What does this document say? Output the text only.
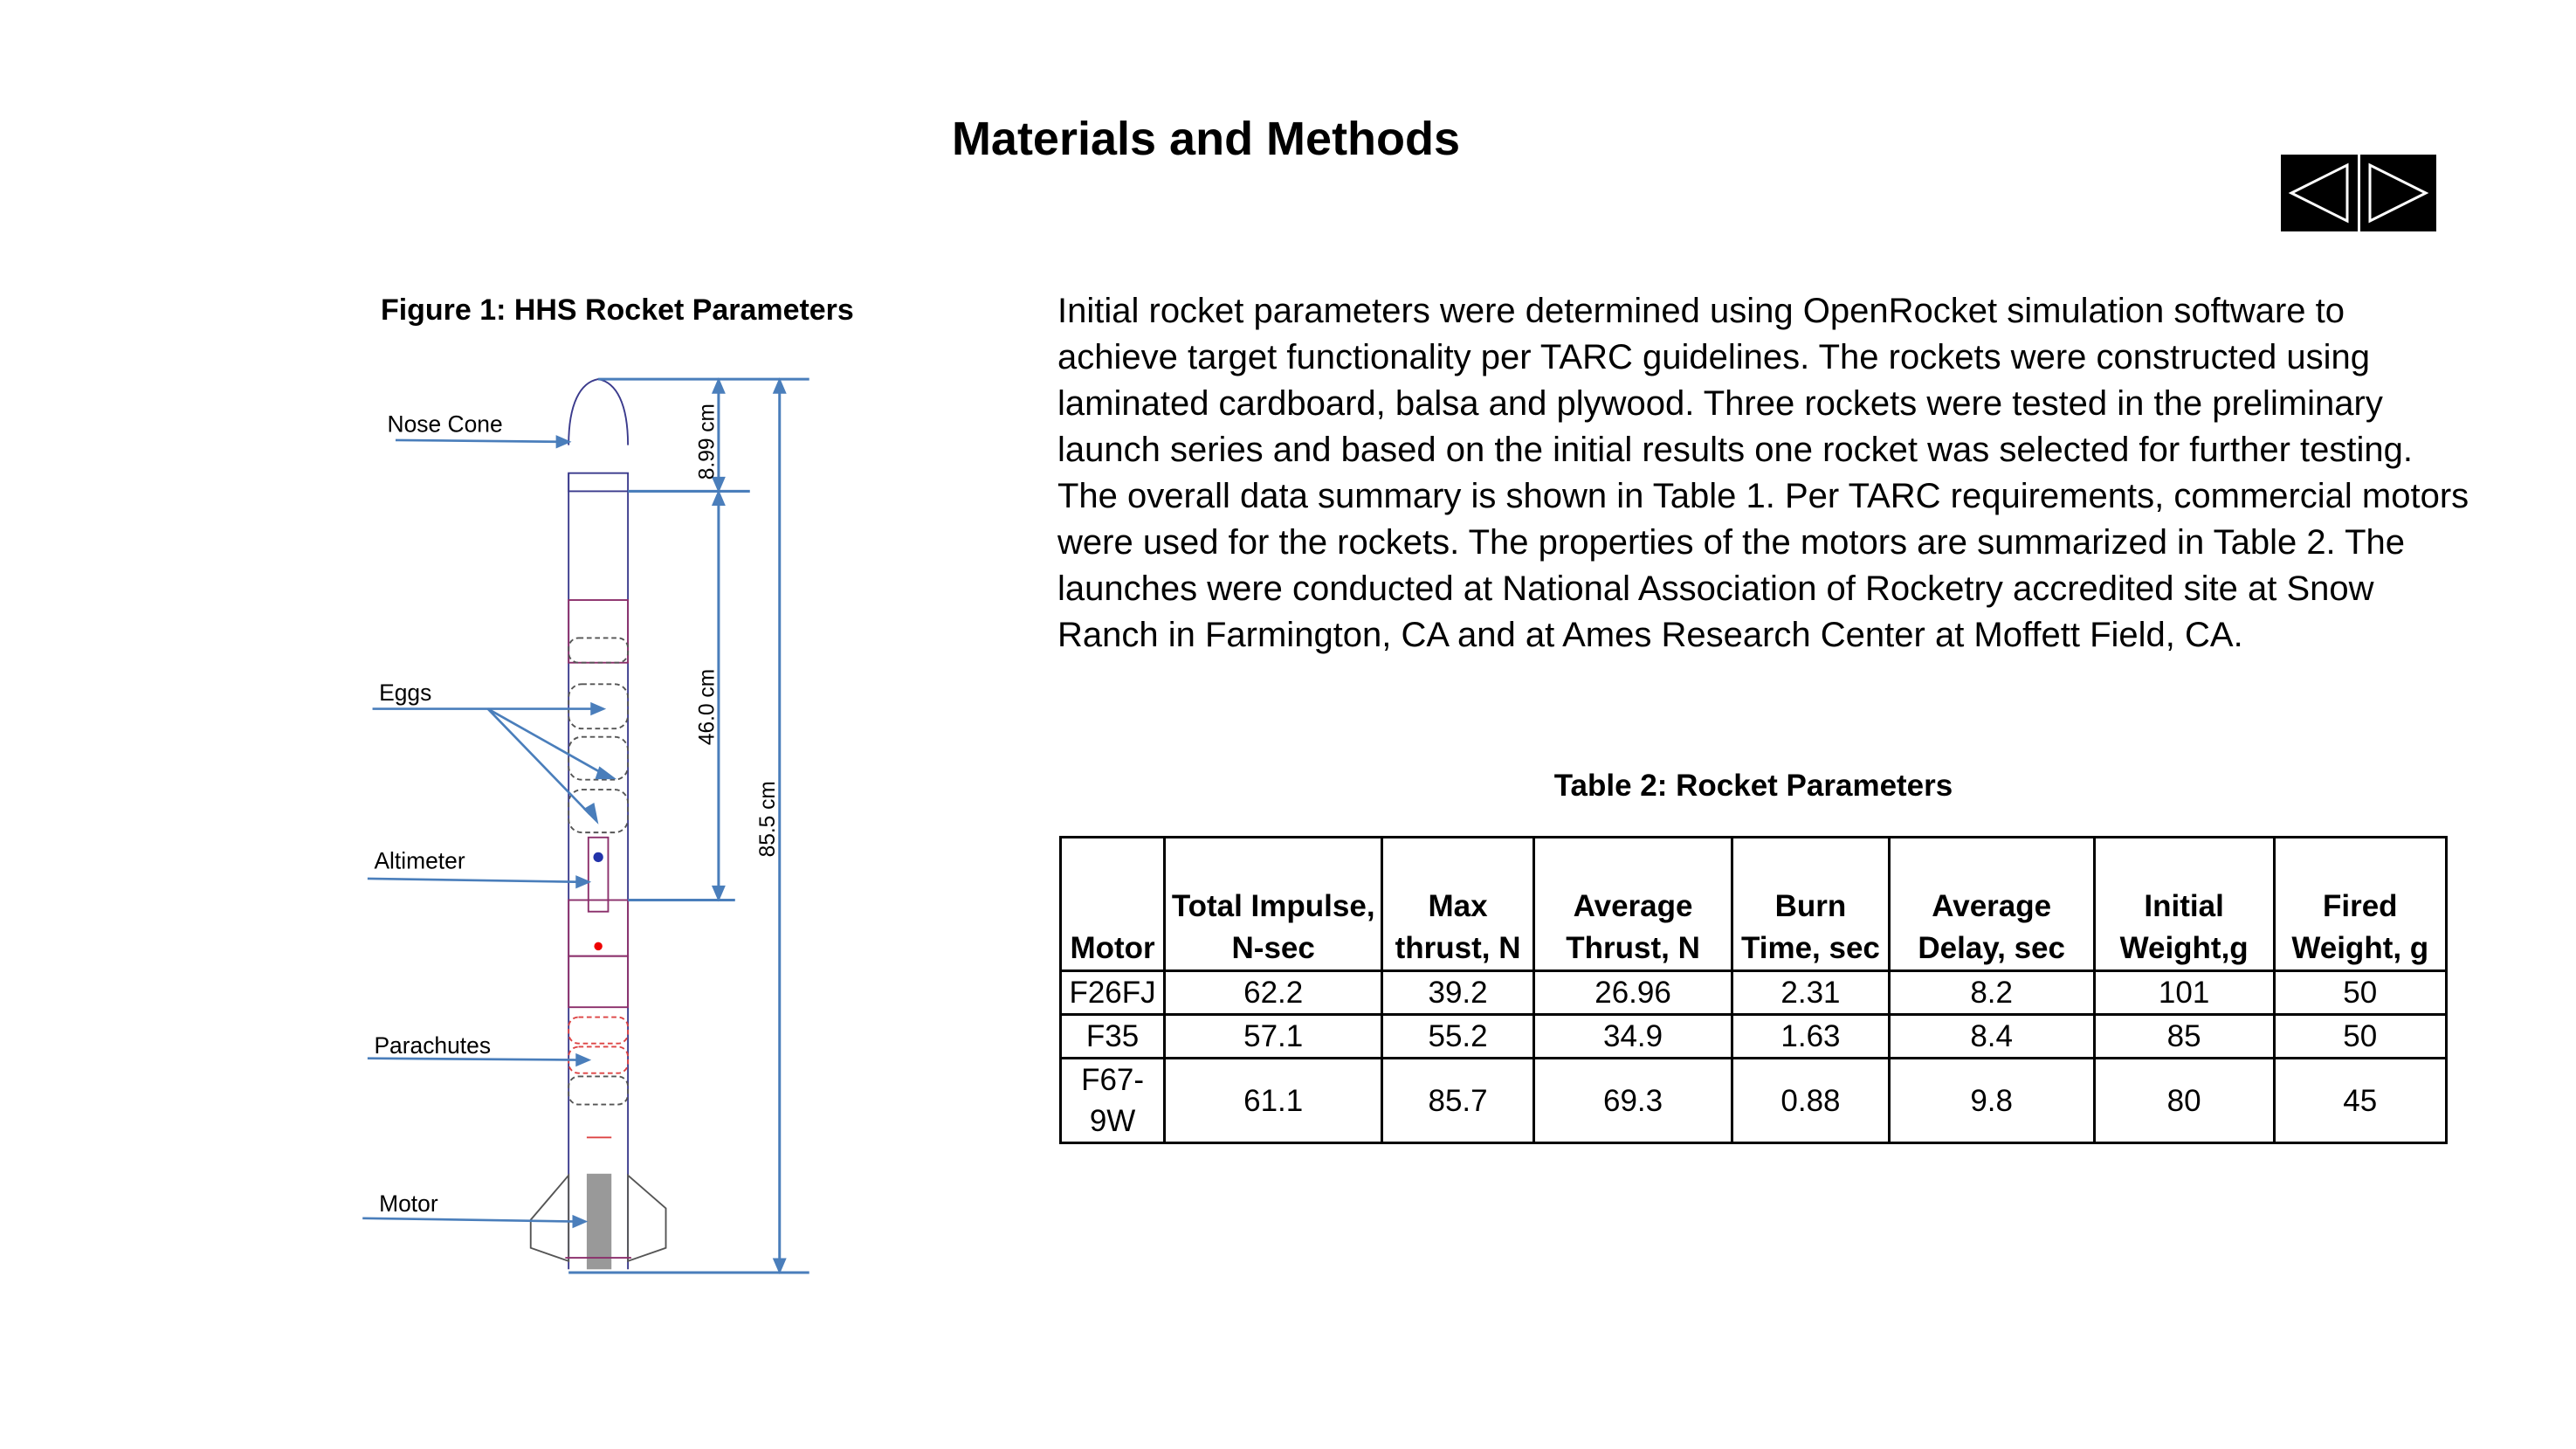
Materials and Methods
Figure 1: HHS Rocket Parameters
8.99 cm
46.0 cm
85.5 cm
Nose Cone
Eggs
Altimeter
Parachutes
Motor
Initial rocket parameters were determined using OpenRocket simulation software to achieve target functionality per TARC guidelines. The rockets were constructed using laminated cardboard, balsa and plywood. Three rockets were tested in the preliminary launch series and based on the initial results one rocket was selected for further testing. The overall data summary is shown in Table 1. Per TARC requirements, commercial motors were used for the rockets. The properties of the motors are summarized in Table 2. The launches were conducted at National Association of Rocketry accredited site at Snow Ranch in Farmington, CA and at Ames Research Center at Moffett Field, CA.
Table 2: Rocket Parameters
Motor	Total Impulse, N-sec	Max thrust, N	Average Thrust, N	Burn Time, sec	Average Delay, sec	Initial Weight,g	Fired Weight, g
F26FJ	62.2	39.2	26.96	2.31	8.2	101	50
F35	57.1	55.2	34.9	1.63	8.4	85	50
F67-9W	61.1	85.7	69.3	0.88	9.8	80	45
